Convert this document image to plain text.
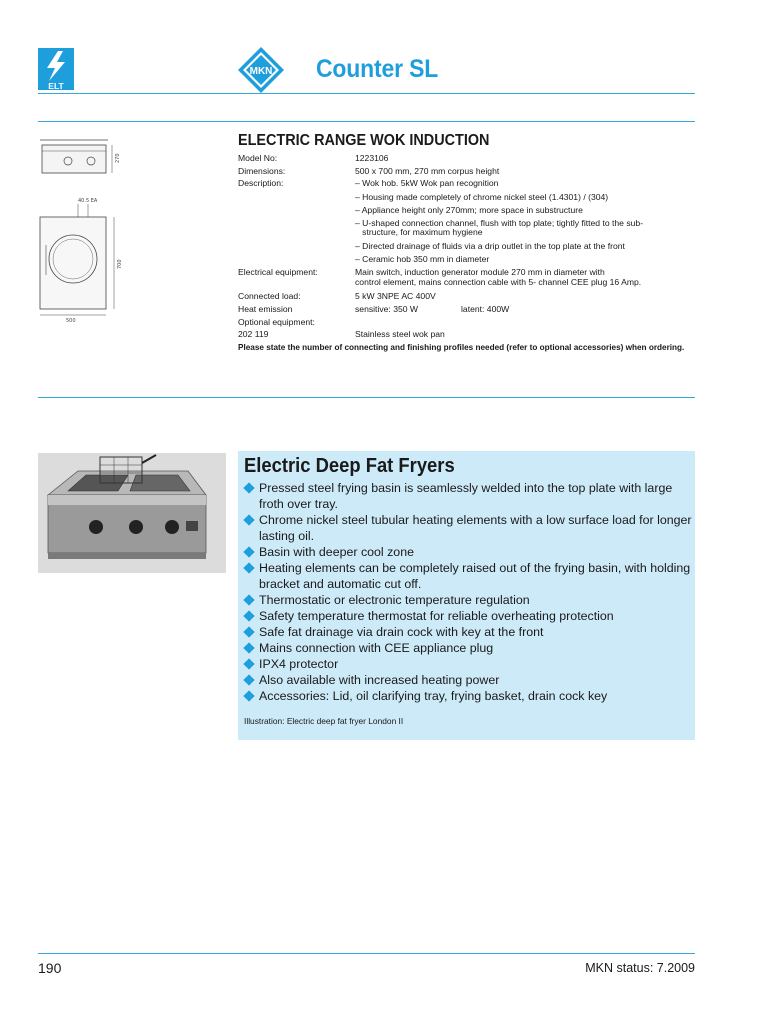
ELT
MKN Counter SL
270
40.5 EA
700
500
ELECTRIC RANGE WOK INDUCTION
Model No:	1223106
Dimensions:	500 x 700 mm, 270 mm corpus height
Description:	– Wok hob. 5kW Wok pan recognition
– Housing made completely of chrome nickel steel (1.4301) / (304)
– Appliance height only 270mm; more space in substructure
– U-shaped connection channel, flush with top plate; tightly fitted to the sub-
structure, for maximum hygiene
– Directed drainage of fluids via a drip outlet in the top plate at the front
– Ceramic hob 350 mm in diameter
Electrical equipment:	Main switch, induction generator module 270 mm in diameter with
control element, mains connection cable with 5- channel CEE plug 16 Amp.
Connected load:	5 kW 3NPE AC 400V
Heat emission	sensitive: 350 W	latent: 400W
Optional equipment:
202 119	Stainless steel wok pan
Please state the number of connecting and finishing profiles needed (refer to optional accessories) when ordering.
Electric Deep Fat Fryers
Pressed steel frying basin is seamlessly welded into the top plate with large froth over tray.
Chrome nickel steel tubular heating elements with a low surface load for longer lasting oil.
Basin with deeper cool zone
Heating elements can be completely raised out of the frying basin, with holding bracket and automatic cut off.
Thermostatic or electronic temperature regulation
Safety temperature thermostat for reliable overheating protection
Safe fat drainage via drain cock with key at the front
Mains connection with CEE appliance plug
IPX4 protector
Also available with increased heating power
Accessories: Lid, oil clarifying tray, frying basket, drain cock key
Illustration: Electric deep fat fryer London II
190	MKN status: 7.2009
